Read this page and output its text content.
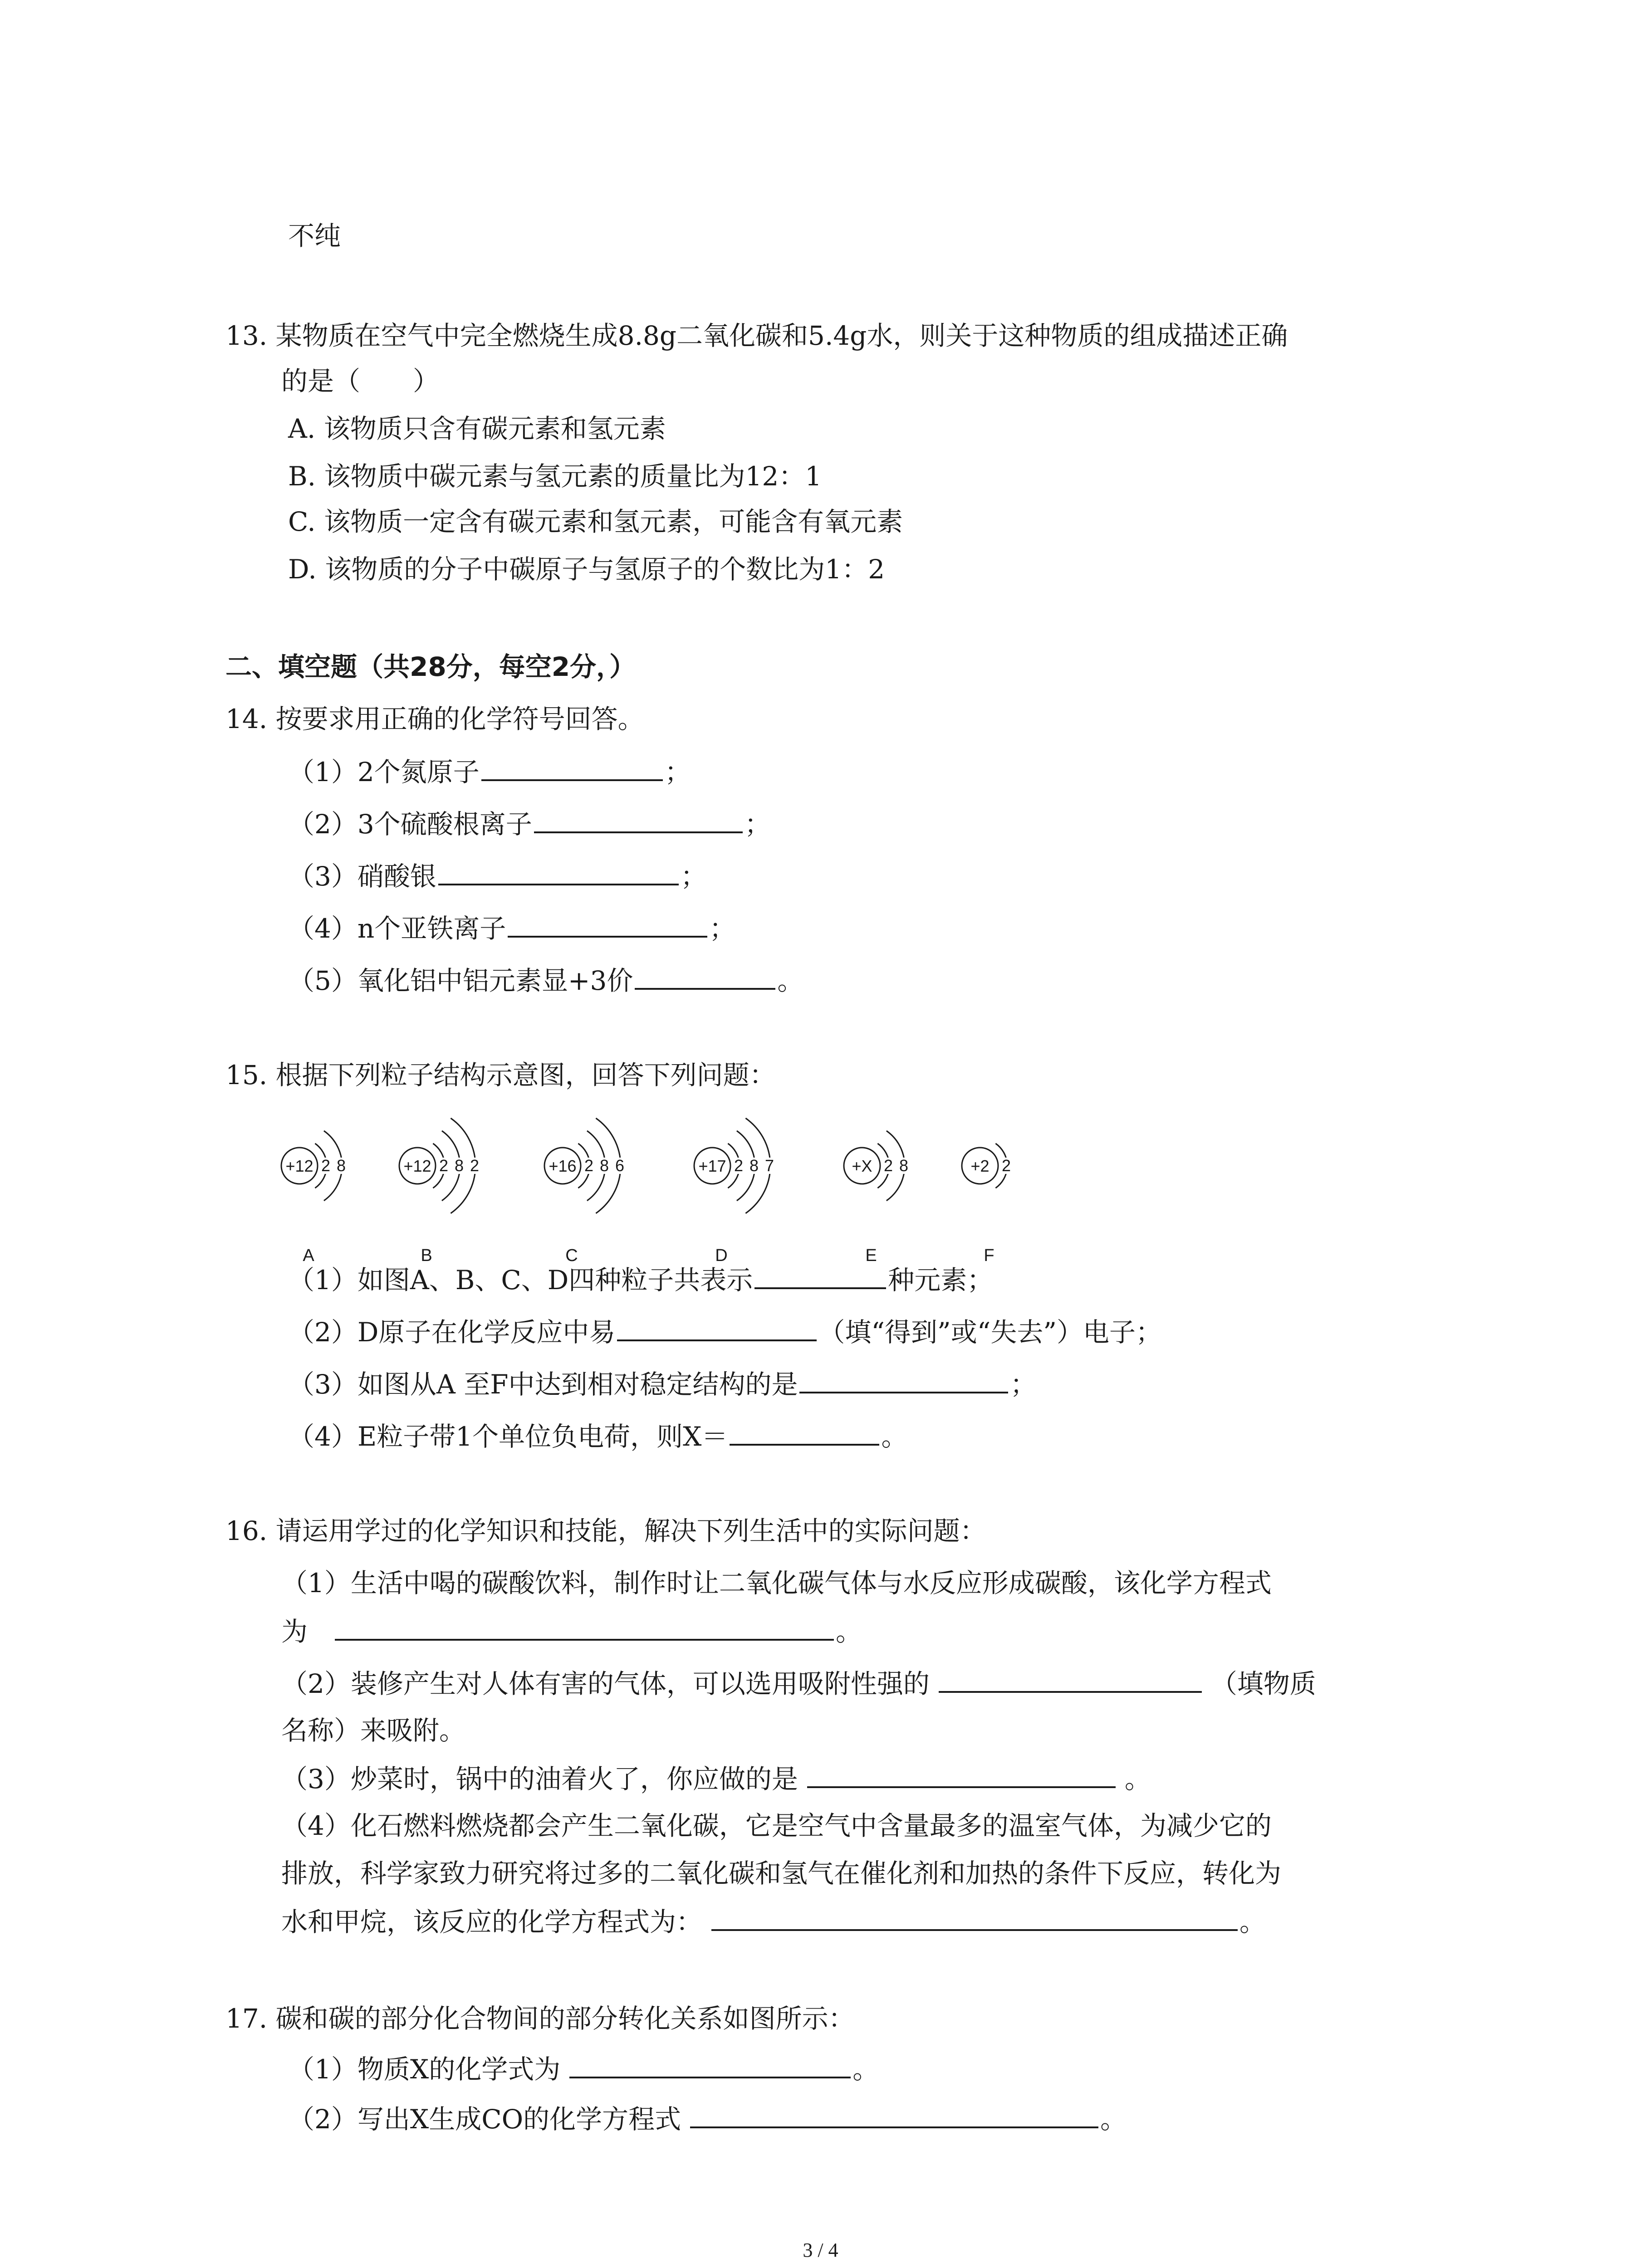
不纯
13. 某物质在空气中完全燃烧生成8.8g二氧化碳和5.4g水，则关于这种物质的组成描述正确
的是（　　）
A. 该物质只含有碳元素和氢元素
B. 该物质中碳元素与氢元素的质量比为12：1
C. 该物质一定含有碳元素和氢元素，可能含有氧元素
D. 该物质的分子中碳原子与氢原子的个数比为1：2
二、填空题（共28分，每空2分，）
14. 按要求用正确的化学符号回答。
（1）2个氮原子	；
（2）3个硫酸根离子	；
（3）硝酸银	；
（4）n个亚铁离子	；
（5）氧化铝中铝元素显+3价	。
15. 根据下列粒子结构示意图，回答下列问题：
+12 2 8
A
+12 2 8 2
B
+16 2 8 6
C
+17 2 8 7
D
+X 2 8
E
+2 2
F
（1）如图A、B、C、D四种粒子共表示	种元素；
（2）D原子在化学反应中易	（填“得到”或“失去”）电子；
（3）如图从A 至F中达到相对稳定结构的是	；
（4）E粒子带1个单位负电荷，则X＝	。
16. 请运用学过的化学知识和技能，解决下列生活中的实际问题：
（1）生活中喝的碳酸饮料，制作时让二氧化碳气体与水反应形成碳酸，该化学方程式
为	。
（2）装修产生对人体有害的气体，可以选用吸附性强的	（填物质
名称）来吸附。
（3）炒菜时，锅中的油着火了，你应做的是	。
（4）化石燃料燃烧都会产生二氧化碳，它是空气中含量最多的温室气体，为减少它的
排放，科学家致力研究将过多的二氧化碳和氢气在催化剂和加热的条件下反应，转化为
水和甲烷，该反应的化学方程式为：	。
17. 碳和碳的部分化合物间的部分转化关系如图所示：
（1）物质X的化学式为	。
（2）写出X生成CO的化学方程式	。
3 / 4
